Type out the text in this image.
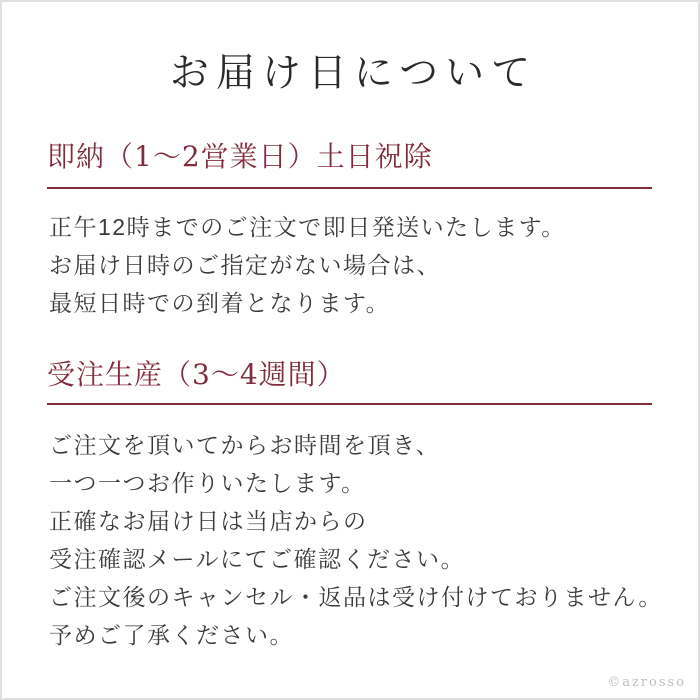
お届け日について
即納（1〜2営業日）土日祝除

正午12時までのご注文で即日発送いたします。

お届け日時のご指定がない場合は、

最短日時での到着となります。

受注生産（3〜4週間）

ご注文を頂いてからお時間を頂き、

一つ一つお作りいたします。

正確なお届け日は当店からの

受注確認メールにてご確認ください。

ご注文後のキャンセル・返品は受け付けておりません。

予めご了承ください。

©azrosso
